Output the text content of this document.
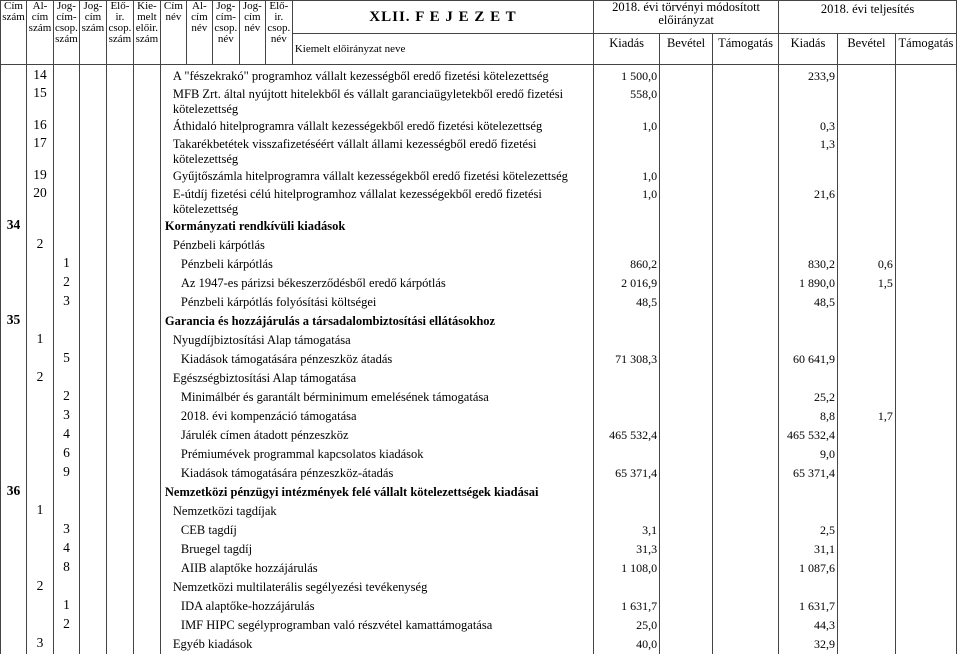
Cím szám	Al-cím szám	Jog-cím-csop. szám	Jog-cím szám	Elő-ir. csop. szám	Kie-melt előir. szám	Cím név	Al-cím név	Jog-cím-csop. név	Jog-cím név	Elő-ir. csop. név	XLII. F E J E Z E T	2018. évi törvényi módosított előirányzat			2018. évi teljesítés		
											Kiemelt előirányzat neve	Kiadás	Bevétel	Támogatás	Kiadás	Bevétel	Támogatás

	14					A "fészekrakó" programhoz vállalt kezességből eredő fizetési kötelezettség						1 500,0			233,9		
	15					MFB Zrt. által nyújtott hitelekből és vállalt garanciaügyletekből eredő fizetési kötelezettség						558,0					
	16					Áthidaló hitelprogramra vállalt kezességekből eredő fizetési kötelezettség						1,0			0,3		
	17					Takarékbetétek visszafizetéséért vállalt állami kezességből eredő fizetési kötelezettség									1,3		
	19					Gyűjtőszámla hitelprogramra vállalt kezességekből eredő fizetési kötelezettség						1,0					
	20					E-útdíj fizetési célú hitelprogramhoz vállalat kezességekből eredő fizetési kötelezettség						1,0			21,6		
34						Kormányzati rendkívüli kiadások											
	2					Pénzbeli kárpótlás											
		1				Pénzbeli kárpótlás						860,2			830,2	0,6	
		2				Az 1947-es párizsi békeszerződésből eredő kárpótlás						2 016,9			1 890,0	1,5	
		3				Pénzbeli kárpótlás folyósítási költségei						48,5			48,5		
35						Garancia és hozzájárulás a társadalombiztosítási ellátásokhoz											
	1					Nyugdíjbiztosítási Alap támogatása											
		5				Kiadások támogatására pénzeszköz átadás						71 308,3			60 641,9		
	2					Egészségbiztosítási Alap támogatása											
		2				Minimálbér és garantált bérminimum emelésének támogatása									25,2		
		3				2018. évi kompenzáció támogatása									8,8	1,7	
		4				Járulék címen átadott pénzeszköz						465 532,4			465 532,4		
		6				Prémiumévek programmal kapcsolatos kiadások									9,0		
		9				Kiadások támogatására pénzeszköz-átadás						65 371,4			65 371,4		
36						Nemzetközi pénzügyi intézmények felé vállalt kötelezettségek kiadásai											
	1					Nemzetközi tagdíjak											
		3				CEB tagdíj						3,1			2,5		
		4				Bruegel tagdíj						31,3			31,1		
		8				AIIB alaptőke hozzájárulás						1 108,0			1 087,6		
	2					Nemzetközi multilaterális segélyezési tevékenység											
		1				IDA alaptőke-hozzájárulás						1 631,7			1 631,7		
		2				IMF HIPC segélyprogramban való részvétel kamattámogatása						25,0			44,3		
	3					Egyéb kiadások						40,0			32,9		
